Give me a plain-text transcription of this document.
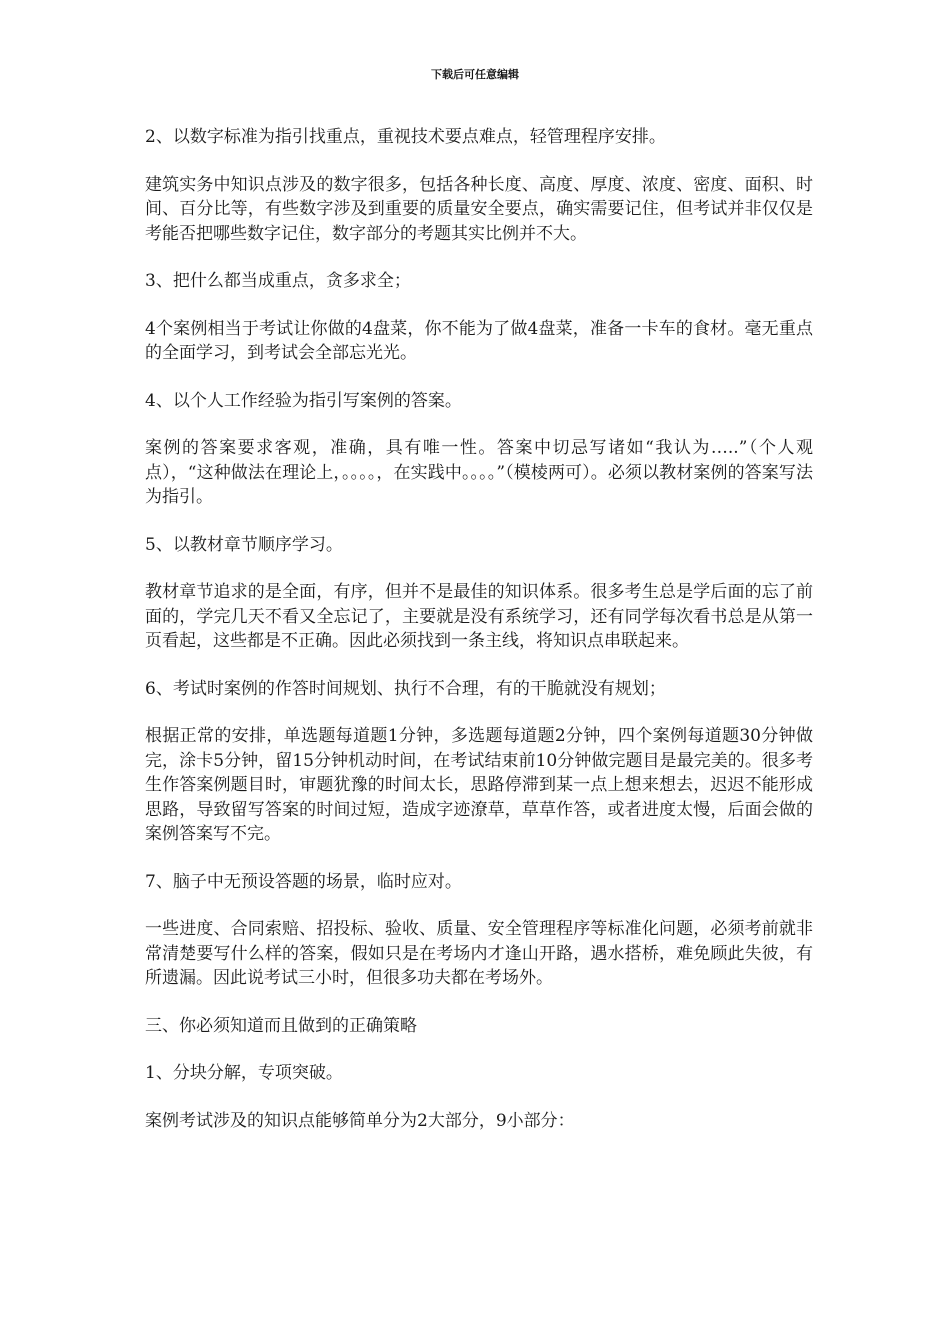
下载后可任意编辑

2、以数字标准为指引找重点，重视技术要点难点，轻管理程序安排。

建筑实务中知识点涉及的数字很多，包括各种长度、高度、厚度、浓度、密度、面积、时间、百分比等，有些数字涉及到重要的质量安全要点，确实需要记住，但考试并非仅仅是考能否把哪些数字记住，数字部分的考题其实比例并不大。

3、把什么都当成重点，贪多求全；

4个案例相当于考试让你做的4盘菜，你不能为了做4盘菜，准备一卡车的食材。毫无重点的全面学习，到考试会全部忘光光。

4、以个人工作经验为指引写案例的答案。

案例的答案要求客观，准确，具有唯一性。答案中切忌写诸如“我认为…..”（个人观点），“这种做法在理论上，。。。。，在实践中。。。。”（模棱两可）。必须以教材案例的答案写法为指引。

5、以教材章节顺序学习。

教材章节追求的是全面，有序，但并不是最佳的知识体系。很多考生总是学后面的忘了前面的，学完几天不看又全忘记了，主要就是没有系统学习，还有同学每次看书总是从第一页看起，这些都是不正确。因此必须找到一条主线，将知识点串联起来。

6、考试时案例的作答时间规划、执行不合理，有的干脆就没有规划；

根据正常的安排，单选题每道题1分钟，多选题每道题2分钟，四个案例每道题30分钟做完，涂卡5分钟，留15分钟机动时间，在考试结束前10分钟做完题目是最完美的。很多考生作答案例题目时，审题犹豫的时间太长，思路停滞到某一点上想来想去，迟迟不能形成思路，导致留写答案的时间过短，造成字迹潦草，草草作答，或者进度太慢，后面会做的案例答案写不完。

7、脑子中无预设答题的场景，临时应对。

一些进度、合同索赔、招投标、验收、质量、安全管理程序等标准化问题，必须考前就非常清楚要写什么样的答案，假如只是在考场内才逢山开路，遇水搭桥，难免顾此失彼，有所遗漏。因此说考试三小时，但很多功夫都在考场外。

三、你必须知道而且做到的正确策略

1、分块分解，专项突破。

案例考试涉及的知识点能够简单分为2大部分，9小部分：
